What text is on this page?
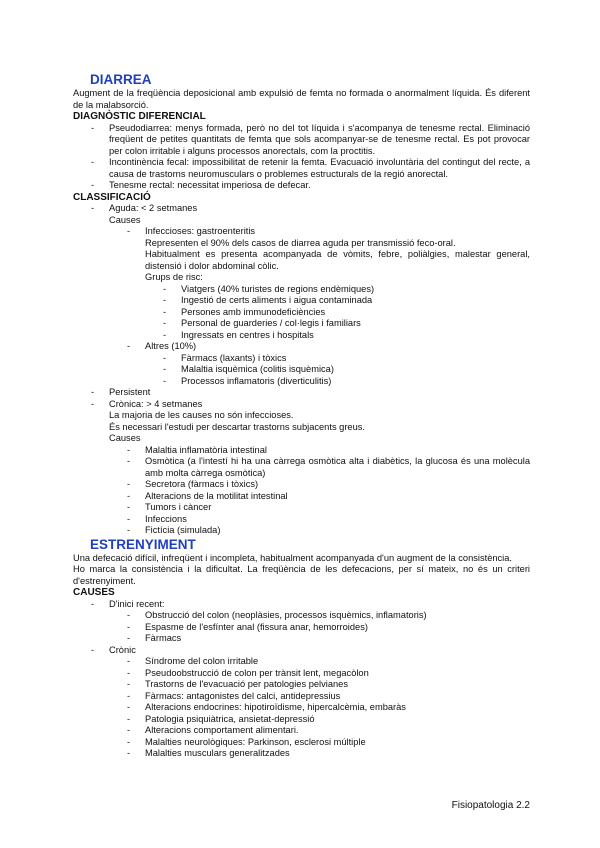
DIARREA
Augment de la freqüència deposicional amb expulsió de femta no formada o anormalment líquida. És diferent de la malabsorció.
DIAGNÒSTIC DIFERENCIAL
- Pseudodiarrea: menys formada, però no del tot líquida i s'acompanya de tenesme rectal. Eliminació freqüent de petites quantitats de femta que sols acompanyar-se de tenesme rectal. Es pot provocar per colon irritable i alguns processos anorectals, com la proctitis.
- Incontinència fecal: impossibilitat de retenir la femta. Evacuació involuntària del contingut del recte, a causa de trastorns neuromusculars o problemes estructurals de la regió anorectal.
- Tenesme rectal: necessitat imperiosa de defecar.
CLASSIFICACIÓ
- Aguda: < 2 setmanes
Causes
- Infeccioses: gastroenteritis
Representen el 90% dels casos de diarrea aguda per transmissió feco-oral.
Habitualment es presenta acompanyada de vòmits, febre, poliàlgies, malestar general, distensió i dolor abdominal còlic.
Grups de risc:
- Viatgers (40% turistes de regions endèmiques)
- Ingestió de certs aliments i aigua contaminada
- Persones amb immunodeficiències
- Personal de guarderies / col·legis i familiars
- Ingressats en centres i hospitals
- Altres (10%)
- Fàrmacs (laxants) i tòxics
- Malaltia isquèmica (colitis isquèmica)
- Processos inflamatoris (diverticulitis)
- Persistent
- Crònica: > 4 setmanes
La majoria de les causes no són infeccioses.
És necessari l'estudi per descartar trastorns subjacents greus.
Causes
- Malaltia inflamatòria intestinal
- Osmòtica (a l'intestí hi ha una càrrega osmòtica alta i diabètics, la glucosa és una molècula amb molta càrrega osmòtica)
- Secretora (fàrmacs i tòxics)
- Alteracions de la motilitat intestinal
- Tumors i càncer
- Infeccions
- Fictícia (simulada)
ESTRENYIMENT
Una defecació difícil, infreqüent i incompleta, habitualment acompanyada d'un augment de la consistència.
Ho marca la consistència i la dificultat. La freqüència de les defecacions, per sí mateix, no és un criteri d'estrenyiment.
CAUSES
- D'inici recent:
- Obstrucció del colon (neoplàsies, processos isquèmics, inflamatoris)
- Espasme de l'esfínter anal (fissura anar, hemorroides)
- Fàrmacs
- Crònic
- Síndrome del colon irritable
- Pseudoobstrucció de colon per trànsit lent, megacòlon
- Trastorns de l'evacuació per patologies pelvianes
- Fàrmacs: antagonistes del calci, antidepressius
- Alteracions endocrines: hipotiroïdisme, hipercalcèmia, embaràs
- Patologia psiquiàtrica, ansietat-depressió
- Alteracions comportament alimentari.
- Malalties neurològiques: Parkinson, esclerosi múltiple
- Malalties musculars generalitzades
Fisiopatologia 2.2
